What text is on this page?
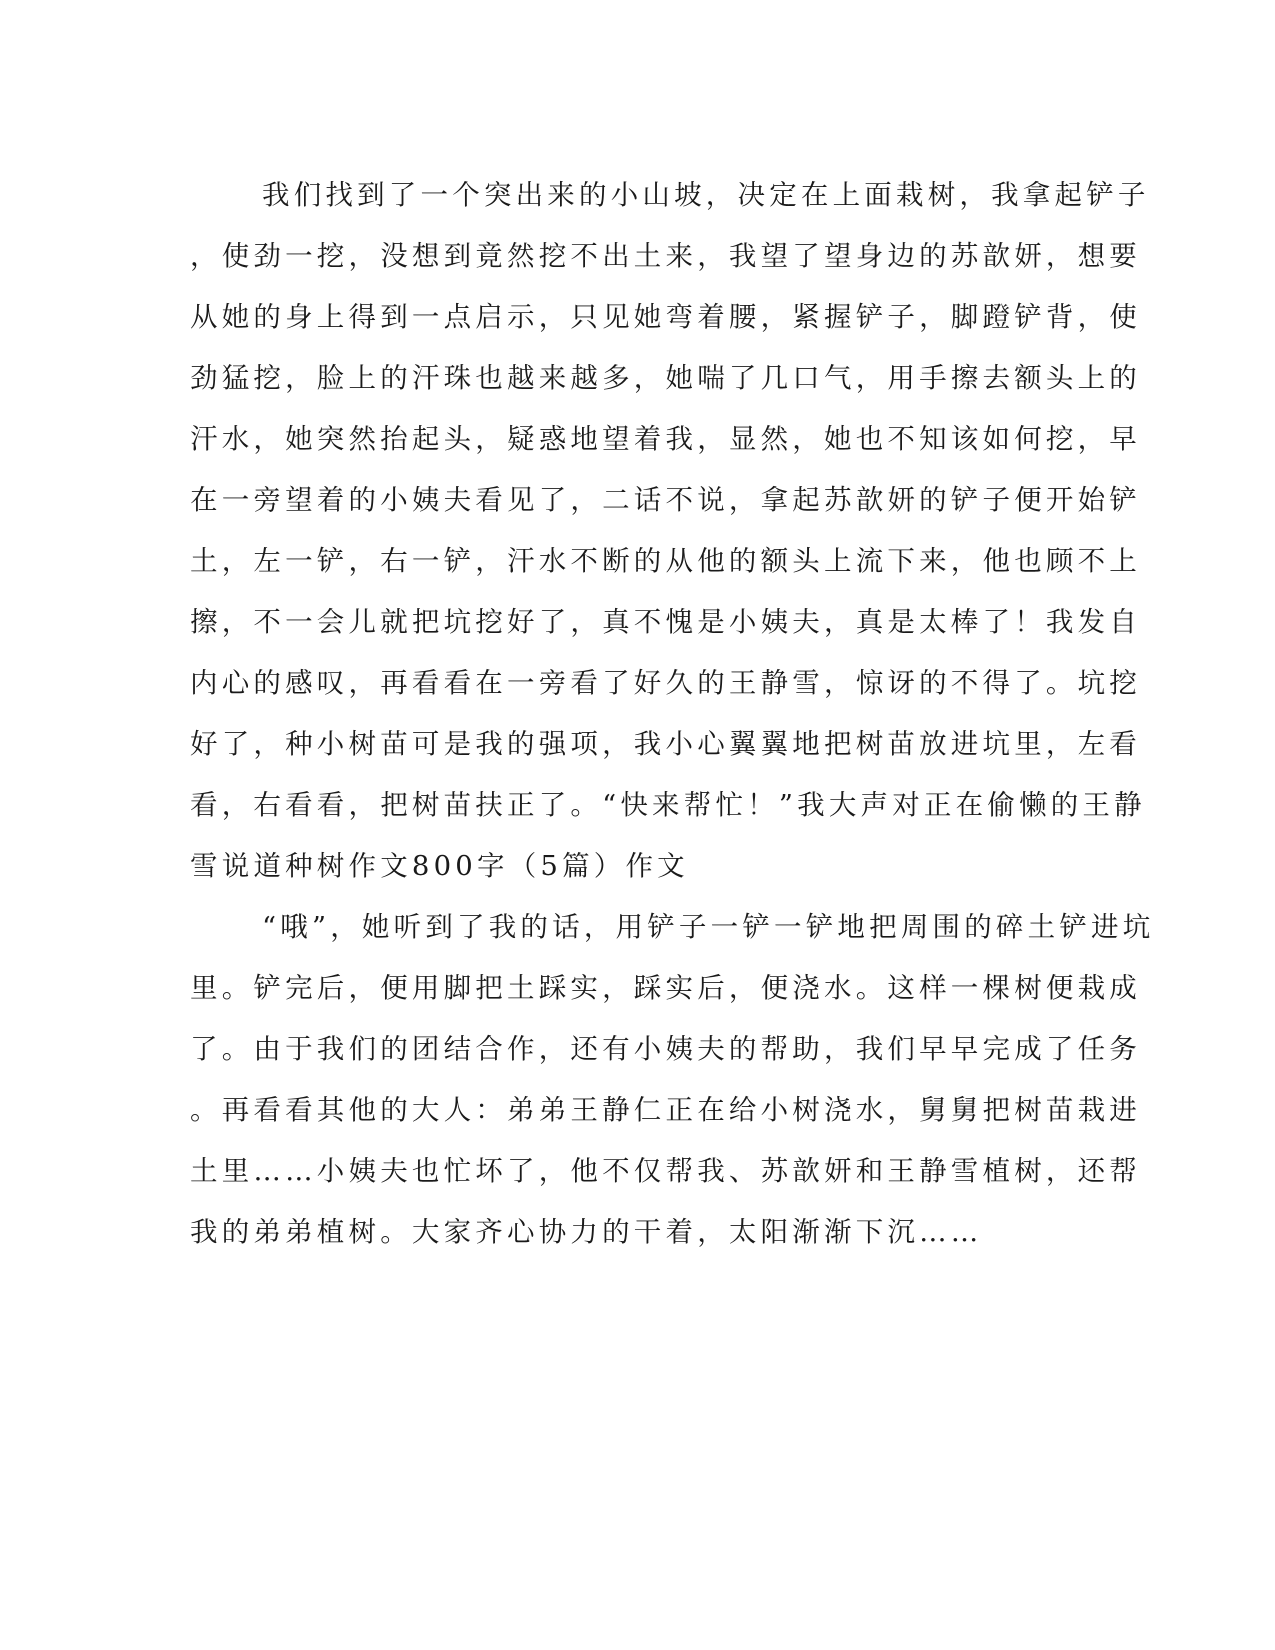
我们找到了一个突出来的小山坡，决定在上面栽树，我拿起铲子
，使劲一挖，没想到竟然挖不出土来，我望了望身边的苏歆妍，想要
从她的身上得到一点启示，只见她弯着腰，紧握铲子，脚蹬铲背，使
劲猛挖，脸上的汗珠也越来越多，她喘了几口气，用手擦去额头上的
汗水，她突然抬起头，疑惑地望着我，显然，她也不知该如何挖，早
在一旁望着的小姨夫看见了，二话不说，拿起苏歆妍的铲子便开始铲
土，左一铲，右一铲，汗水不断的从他的额头上流下来，他也顾不上
擦，不一会儿就把坑挖好了，真不愧是小姨夫，真是太棒了！我发自
内心的感叹，再看看在一旁看了好久的王静雪，惊讶的不得了。坑挖
好了，种小树苗可是我的强项，我小心翼翼地把树苗放进坑里，左看
看，右看看，把树苗扶正了。“快来帮忙！”我大声对正在偷懒的王静
雪说道种树作文800字（5篇）作文
“哦”，她听到了我的话，用铲子一铲一铲地把周围的碎土铲进坑
里。铲完后，便用脚把土踩实，踩实后，便浇水。这样一棵树便栽成
了。由于我们的团结合作，还有小姨夫的帮助，我们早早完成了任务
。再看看其他的大人：弟弟王静仁正在给小树浇水，舅舅把树苗栽进
土里……小姨夫也忙坏了，他不仅帮我、苏歆妍和王静雪植树，还帮
我的弟弟植树。大家齐心协力的干着，太阳渐渐下沉……
